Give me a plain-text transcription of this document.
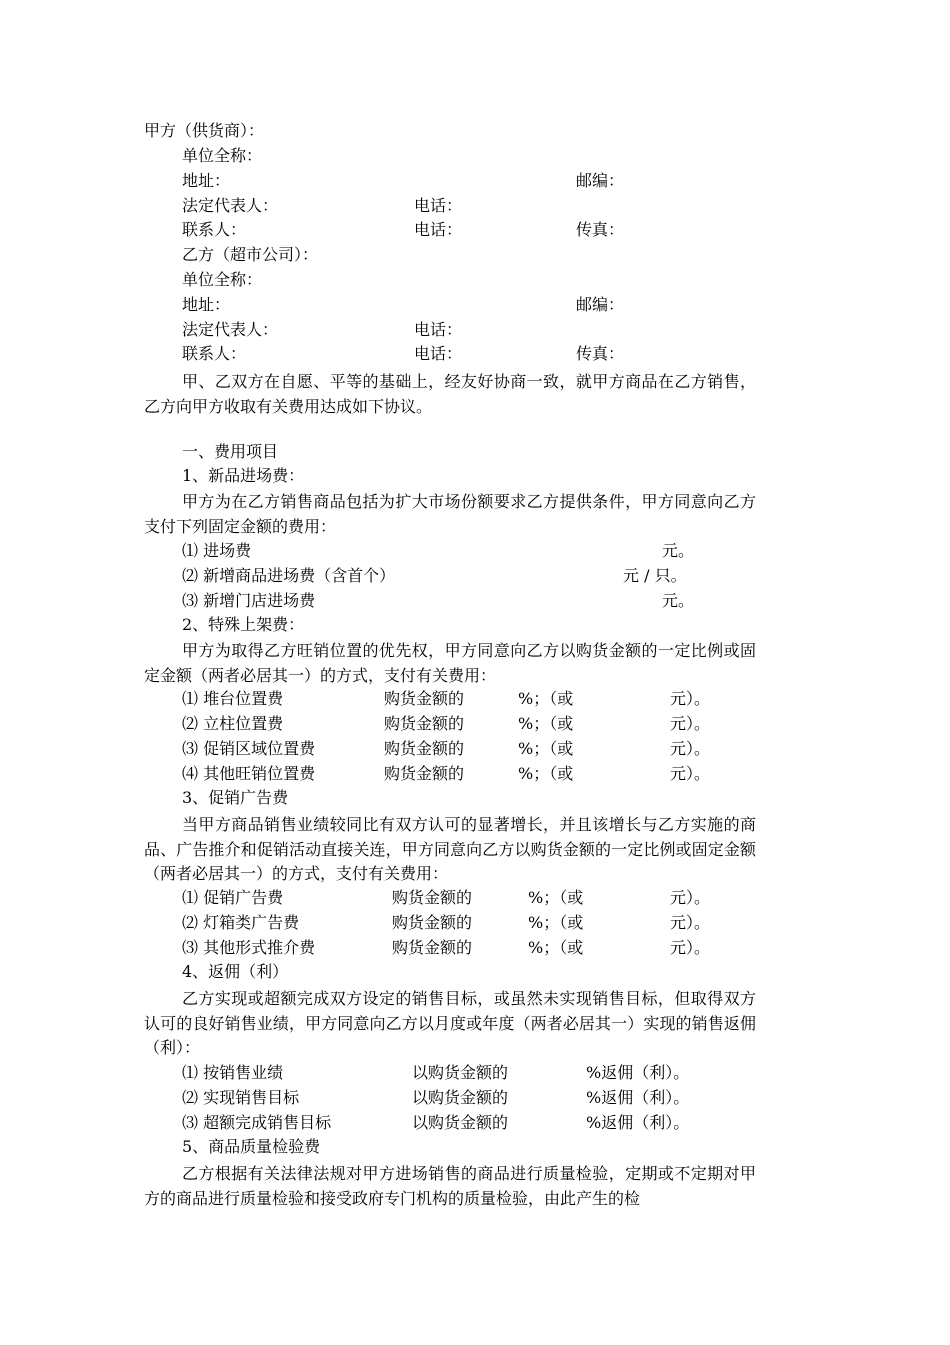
甲方（供货商）：
单位全称：
地址：	邮编：
法定代表人：	电话：
联系人：	电话：	传真：
乙方（超市公司）：
单位全称：
地址：	邮编：
法定代表人：	电话：
联系人：	电话：	传真：
甲、乙双方在自愿、平等的基础上，经友好协商一致，就甲方商品在乙方销售，乙方向甲方收取有关费用达成如下协议。
一、费用项目
1、新品进场费：
甲方为在乙方销售商品包括为扩大市场份额要求乙方提供条件，甲方同意向乙方支付下列固定金额的费用：
⑴ 进场费	元。
⑵ 新增商品进场费（含首个）	元 / 只。
⑶ 新增门店进场费	元。
2、特殊上架费：
甲方为取得乙方旺销位置的优先权，甲方同意向乙方以购货金额的一定比例或固定金额（两者必居其一）的方式，支付有关费用：
⑴ 堆台位置费	购货金额的	%；（或	元）。
⑵ 立柱位置费	购货金额的	%；（或	元）。
⑶ 促销区域位置费	购货金额的	%；（或	元）。
⑷ 其他旺销位置费	购货金额的	%；（或	元）。
3、促销广告费
当甲方商品销售业绩较同比有双方认可的显著增长，并且该增长与乙方实施的商品、广告推介和促销活动直接关连，甲方同意向乙方以购货金额的一定比例或固定金额（两者必居其一）的方式，支付有关费用：
⑴ 促销广告费	购货金额的	%；（或	元）。
⑵ 灯箱类广告费	购货金额的	%；（或	元）。
⑶ 其他形式推介费	购货金额的	%；（或	元）。
4、返佣（利）
乙方实现或超额完成双方设定的销售目标，或虽然未实现销售目标，但取得双方认可的良好销售业绩，甲方同意向乙方以月度或年度（两者必居其一）实现的销售返佣（利）：
⑴ 按销售业绩	以购货金额的	%返佣（利）。
⑵ 实现销售目标	以购货金额的	%返佣（利）。
⑶ 超额完成销售目标	以购货金额的	%返佣（利）。
5、商品质量检验费
乙方根据有关法律法规对甲方进场销售的商品进行质量检验，定期或不定期对甲方的商品进行质量检验和接受政府专门机构的质量检验，由此产生的检
